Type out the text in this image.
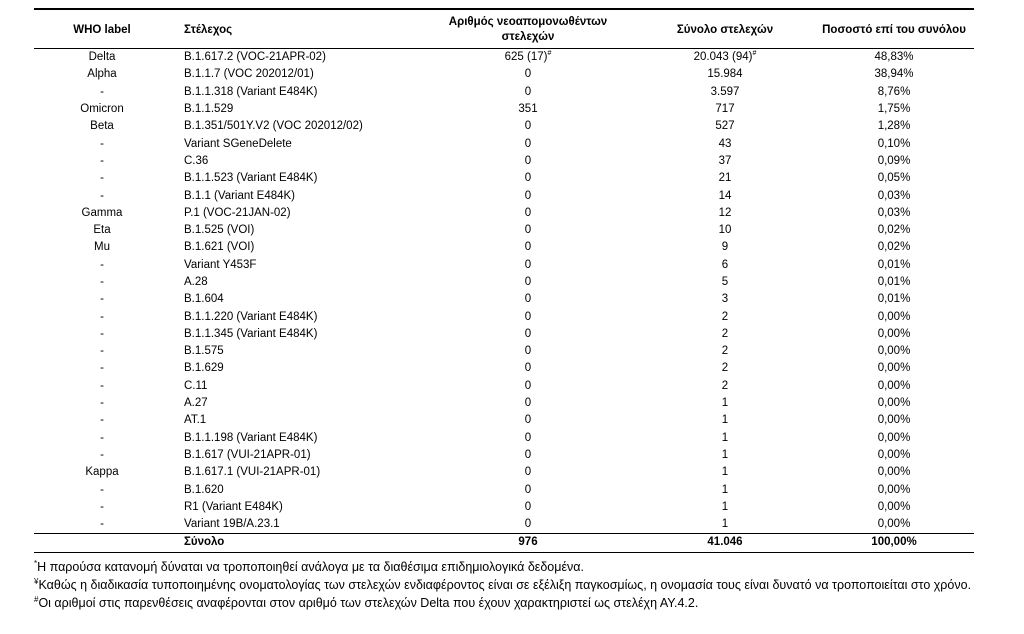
WHO label	Στέλεχος	Αριθμός νεοαπομονωθέντων στελεχών	Σύνολο στελεχών	Ποσοστό επί του συνόλου
Delta	B.1.617.2 (VOC-21APR-02)	625 (17)#	20.043 (94)#	48,83%
Alpha	B.1.1.7 (VOC 202012/01)	0	15.984	38,94%
-	B.1.1.318 (Variant E484K)	0	3.597	8,76%
Omicron	B.1.1.529	351	717	1,75%
Beta	B.1.351/501Y.V2 (VOC 202012/02)	0	527	1,28%
-	Variant SGeneDelete	0	43	0,10%
-	C.36	0	37	0,09%
-	B.1.1.523 (Variant E484K)	0	21	0,05%
-	B.1.1 (Variant E484K)	0	14	0,03%
Gamma	P.1 (VOC-21JAN-02)	0	12	0,03%
Eta	B.1.525 (VOI)	0	10	0,02%
Mu	B.1.621 (VOI)	0	9	0,02%
-	Variant Y453F	0	6	0,01%
-	A.28	0	5	0,01%
-	B.1.604	0	3	0,01%
-	B.1.1.220 (Variant E484K)	0	2	0,00%
-	B.1.1.345 (Variant E484K)	0	2	0,00%
-	B.1.575	0	2	0,00%
-	B.1.629	0	2	0,00%
-	C.11	0	2	0,00%
-	A.27	0	1	0,00%
-	AT.1	0	1	0,00%
-	B.1.1.198 (Variant E484K)	0	1	0,00%
-	B.1.617 (VUI-21APR-01)	0	1	0,00%
Kappa	B.1.617.1 (VUI-21APR-01)	0	1	0,00%
-	B.1.620	0	1	0,00%
-	R1 (Variant E484K)	0	1	0,00%
-	Variant 19B/A.23.1	0	1	0,00%
	Σύνολο	976	41.046	100,00%

*Η παρούσα κατανομή δύναται να τροποποιηθεί ανάλογα με τα διαθέσιμα επιδημιολογικά δεδομένα.

¥Καθώς η διαδικασία τυποποιημένης ονοματολογίας των στελεχών ενδιαφέροντος είναι σε εξέλιξη παγκοσμίως, η ονομασία τους είναι δυνατό να τροποποιείται στο χρόνο.

#Οι αριθμοί στις παρενθέσεις αναφέρονται στον αριθμό των στελεχών Delta που έχουν χαρακτηριστεί ως στελέχη ΑΥ.4.2.
